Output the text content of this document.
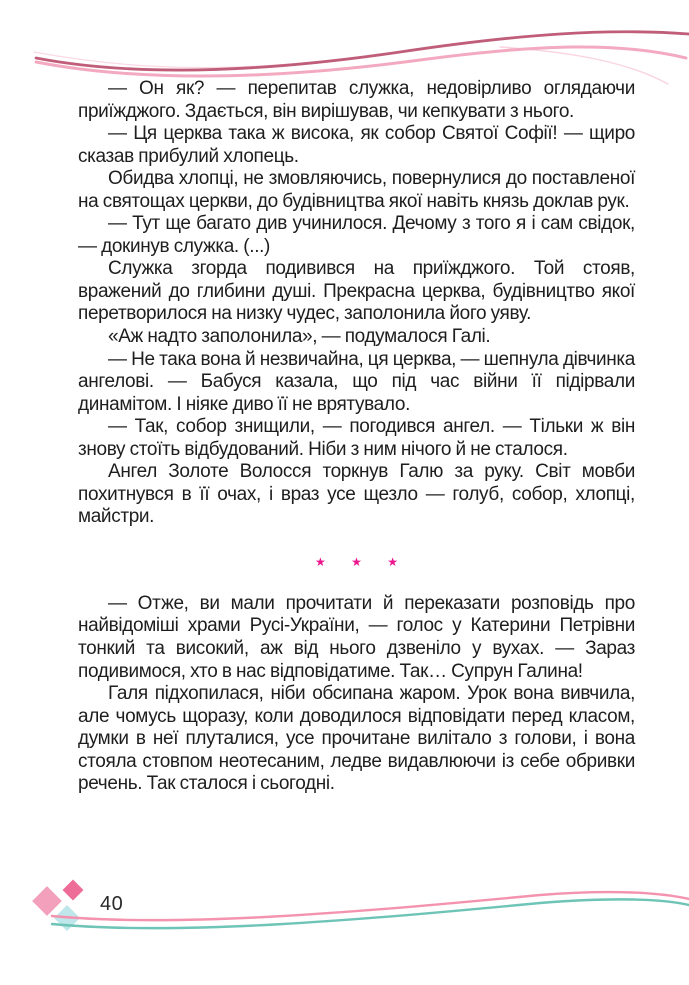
— Он як? — перепитав служка, недовірливо оглядаючи приїжджого. Здається, він вирішував, чи кепкувати з нього.

— Ця церква така ж висока, як собор Святої Софії! — щиро сказав прибулий хлопець.

Обидва хлопці, не змовляючись, повернулися до поставленої на святощах церкви, до будівництва якої навіть князь доклав рук.

— Тут ще багато див учинилося. Дечому з того я і сам свідок, — докинув служка. (...)

Служка згорда подивився на приїжджого. Той стояв, вражений до глибини душі. Прекрасна церква, будівництво якої перетворилося на низку чудес, заполонила його уяву.

«Аж надто заполонила», — подумалося Галі.

— Не така вона й незвичайна, ця церква, — шепнула дівчинка ангелові. — Бабуся казала, що під час війни її підірвали динамітом. І ніяке диво її не врятувало.

— Так, собор знищили, — погодився ангел. — Тільки ж він знову стоїть відбудований. Ніби з ним нічого й не сталося.

Ангел Золоте Волосся торкнув Галю за руку. Світ мовби похитнувся в її очах, і враз усе щезло — голуб, собор, хлопці, майстри.

★ ★ ★

— Отже, ви мали прочитати й переказати розповідь про найвідоміші храми Русі-України, — голос у Катерини Петрівни тонкий та високий, аж від нього дзвеніло у вухах. — Зараз подивимося, хто в нас відповідатиме. Так… Супрун Галина!

Галя підхопилася, ніби обсипана жаром. Урок вона вивчила, але чомусь щоразу, коли доводилося відповідати перед класом, думки в неї плуталися, усе прочитане вилітало з голови, і вона стояла стовпом неотесаним, ледве видавлюючи із себе обривки речень. Так сталося і сьогодні.

40
